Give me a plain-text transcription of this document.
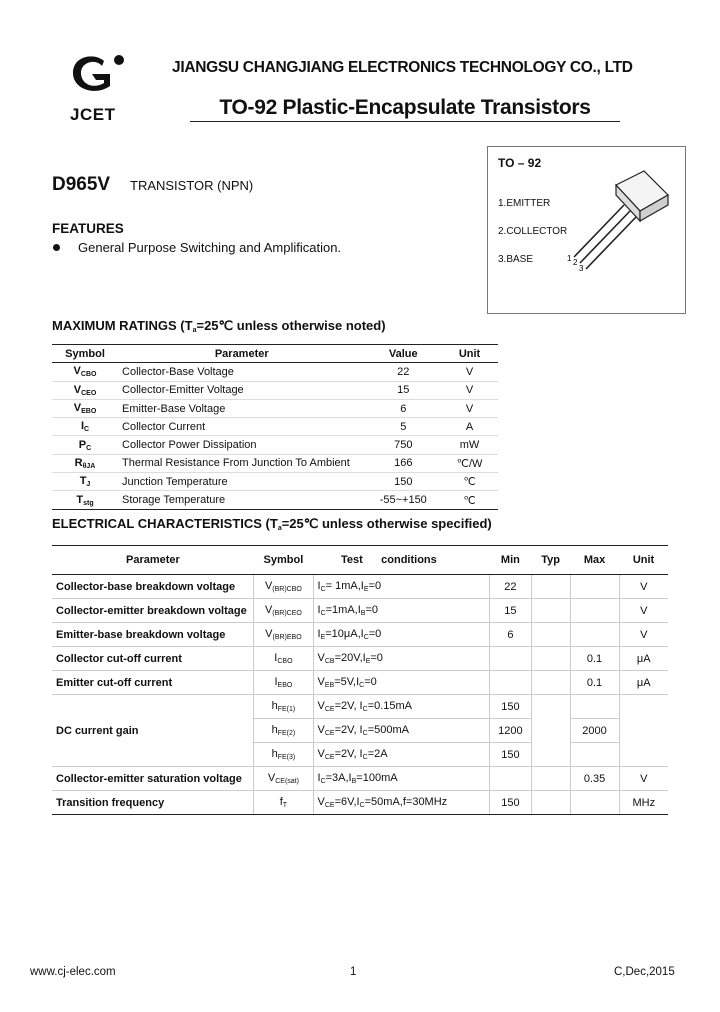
JCET
JIANGSU CHANGJIANG ELECTRONICS TECHNOLOGY CO., LTD
TO-92 Plastic-Encapsulate Transistors
D965V TRANSISTOR (NPN)
TO – 92
1.EMITTER
2.COLLECTOR
3.BASE	1 2
3
FEATURES
General Purpose Switching and Amplification.
MAXIMUM RATINGS ($T_a=25℃$ unless otherwise noted)
Symbol	Parameter	Value	Unit
$V_{CBO}$	Collector-Base Voltage	22	V
$V_{CEO}$	Collector-Emitter Voltage	15	V
$V_{EBO}$	Emitter-Base Voltage	6	V
$I_C$	Collector Current	5	A
$P_C$	Collector Power Dissipation	750	mW
$R_{\theta JA}$	Thermal Resistance From Junction To Ambient	166	℃/W
$T_J$	Junction Temperature	150	℃
$T_{stg}$	Storage Temperature	-55~+150	℃
ELECTRICAL CHARACTERISTICS ($T_a=25℃$ unless otherwise specified)
Parameter	Symbol	Test      conditions	Min	Typ	Max	Unit
Collector-base breakdown voltage	$V_{(BR)CBO}$	$I_C= 1mA,I_E=0$	22			V
Collector-emitter breakdown voltage	$V_{(BR)CEO}$	$I_C=1mA,I_B=0$	15			V
Emitter-base breakdown voltage	$V_{(BR)EBO}$	$I_E=10\mu A,I_C=0$	6			V
Collector cut-off current	$I_{CBO}$	$V_{CB}=20V,I_E=0$			0.1	μA
Emitter cut-off current	$I_{EBO}$	$V_{EB}=5V,I_C=0$			0.1	μA
DC current gain	$h_{FE(1)}$	$V_{CE}=2V$, $I_C=0.15mA$	150			
	$h_{FE(2)}$	$V_{CE}=2V$, $I_C=500mA$	1200		2000	
	$h_{FE(3)}$	$V_{CE}=2V$, $I_C=2A$	150			
Collector-emitter saturation voltage	$V_{CE(sat)}$	$I_C=3A,I_B=100mA$			0.35	V
Transition frequency	$f_T$	$V_{CE}=6V,I_C=50mA,f=30MHz$	150			MHz
www.cj-elec.com	1	C,Dec,2015
